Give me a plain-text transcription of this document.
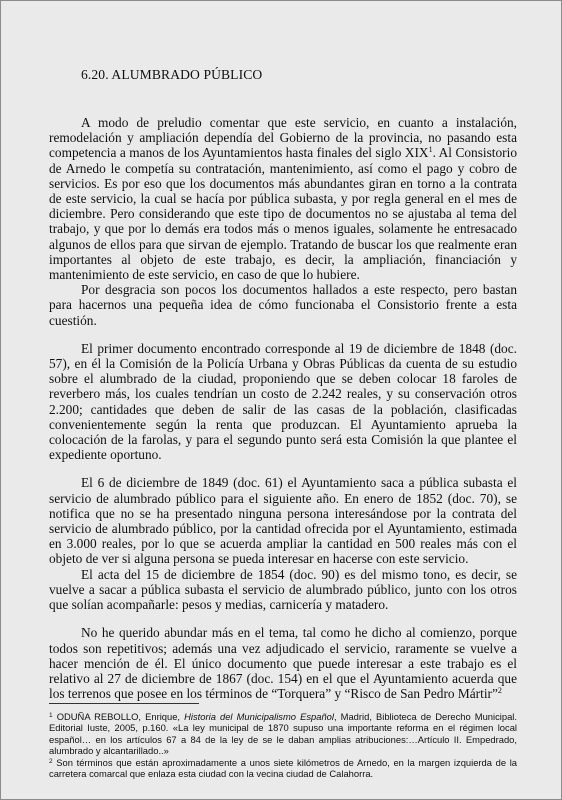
6.20. ALUMBRADO PÚBLICO

A modo de preludio comentar que este servicio, en cuanto a instalación, remodelación y ampliación dependía del Gobierno de la provincia, no pasando esta competencia a manos de los Ayuntamientos hasta finales del siglo XIX$^1$. Al Consistorio de Arnedo le competía su contratación, mantenimiento, así como el pago y cobro de servicios. Es por eso que los documentos más abundantes giran en torno a la contrata de este servicio, la cual se hacía por pública subasta, y por regla general en el mes de diciembre. Pero considerando que este tipo de documentos no se ajustaba al tema del trabajo, y que por lo demás era todos más o menos iguales, solamente he entresacado algunos de ellos para que sirvan de ejemplo. Tratando de buscar los que realmente eran importantes al objeto de este trabajo, es decir, la ampliación, financiación y mantenimiento de este servicio, en caso de que lo hubiere.

Por desgracia son pocos los documentos hallados a este respecto, pero bastan para hacernos una pequeña idea de cómo funcionaba el Consistorio frente a esta cuestión.

El primer documento encontrado corresponde al 19 de diciembre de 1848 (doc. 57), en él la Comisión de la Policía Urbana y Obras Públicas da cuenta de su estudio sobre el alumbrado de la ciudad, proponiendo que se deben colocar 18 faroles de reverbero más, los cuales tendrían un costo de 2.242 reales, y su conservación otros 2.200; cantidades que deben de salir de las casas de la población, clasificadas convenientemente según la renta que produzcan. El Ayuntamiento aprueba la colocación de la farolas, y para el segundo punto será esta Comisión la que plantee el expediente oportuno.

El 6 de diciembre de 1849 (doc. 61) el Ayuntamiento saca a pública subasta el servicio de alumbrado público para el siguiente año. En enero de 1852 (doc. 70), se notifica que no se ha presentado ninguna persona interesándose por la contrata del servicio de alumbrado público, por la cantidad ofrecida por el Ayuntamiento, estimada en 3.000 reales, por lo que se acuerda ampliar la cantidad en 500 reales más con el objeto de ver si alguna persona se pueda interesar en hacerse con este servicio.

El acta del 15 de diciembre de 1854 (doc. 90) es del mismo tono, es decir, se vuelve a sacar a pública subasta el servicio de alumbrado público, junto con los otros que solían acompañarle: pesos y medias, carnicería y matadero.

No he querido abundar más en el tema, tal como he dicho al comienzo, porque todos son repetitivos; además una vez adjudicado el servicio, raramente se vuelve a hacer mención de él. El único documento que puede interesar a este trabajo es el relativo al 27 de diciembre de 1867 (doc. 154) en el que el Ayuntamiento acuerda que los terrenos que posee en los términos de “Torquera” y “Risco de San Pedro Mártir”$^2$

$^1$ ODUÑA REBOLLO, Enrique, Historia del Municipalismo Español, Madrid, Biblioteca de Derecho Municipal. Editorial Iuste, 2005, p.160. «La ley municipal de 1870 supuso una importante reforma en el régimen local español… en los artículos 67 a 84 de la ley de se le daban amplias atribuciones:…Artículo II. Empedrado, alumbrado y alcantarillado..»

$^2$ Son términos que están aproximadamente a unos siete kilómetros de Arnedo, en la margen izquierda de la carretera comarcal que enlaza esta ciudad con la vecina ciudad de Calahorra.
